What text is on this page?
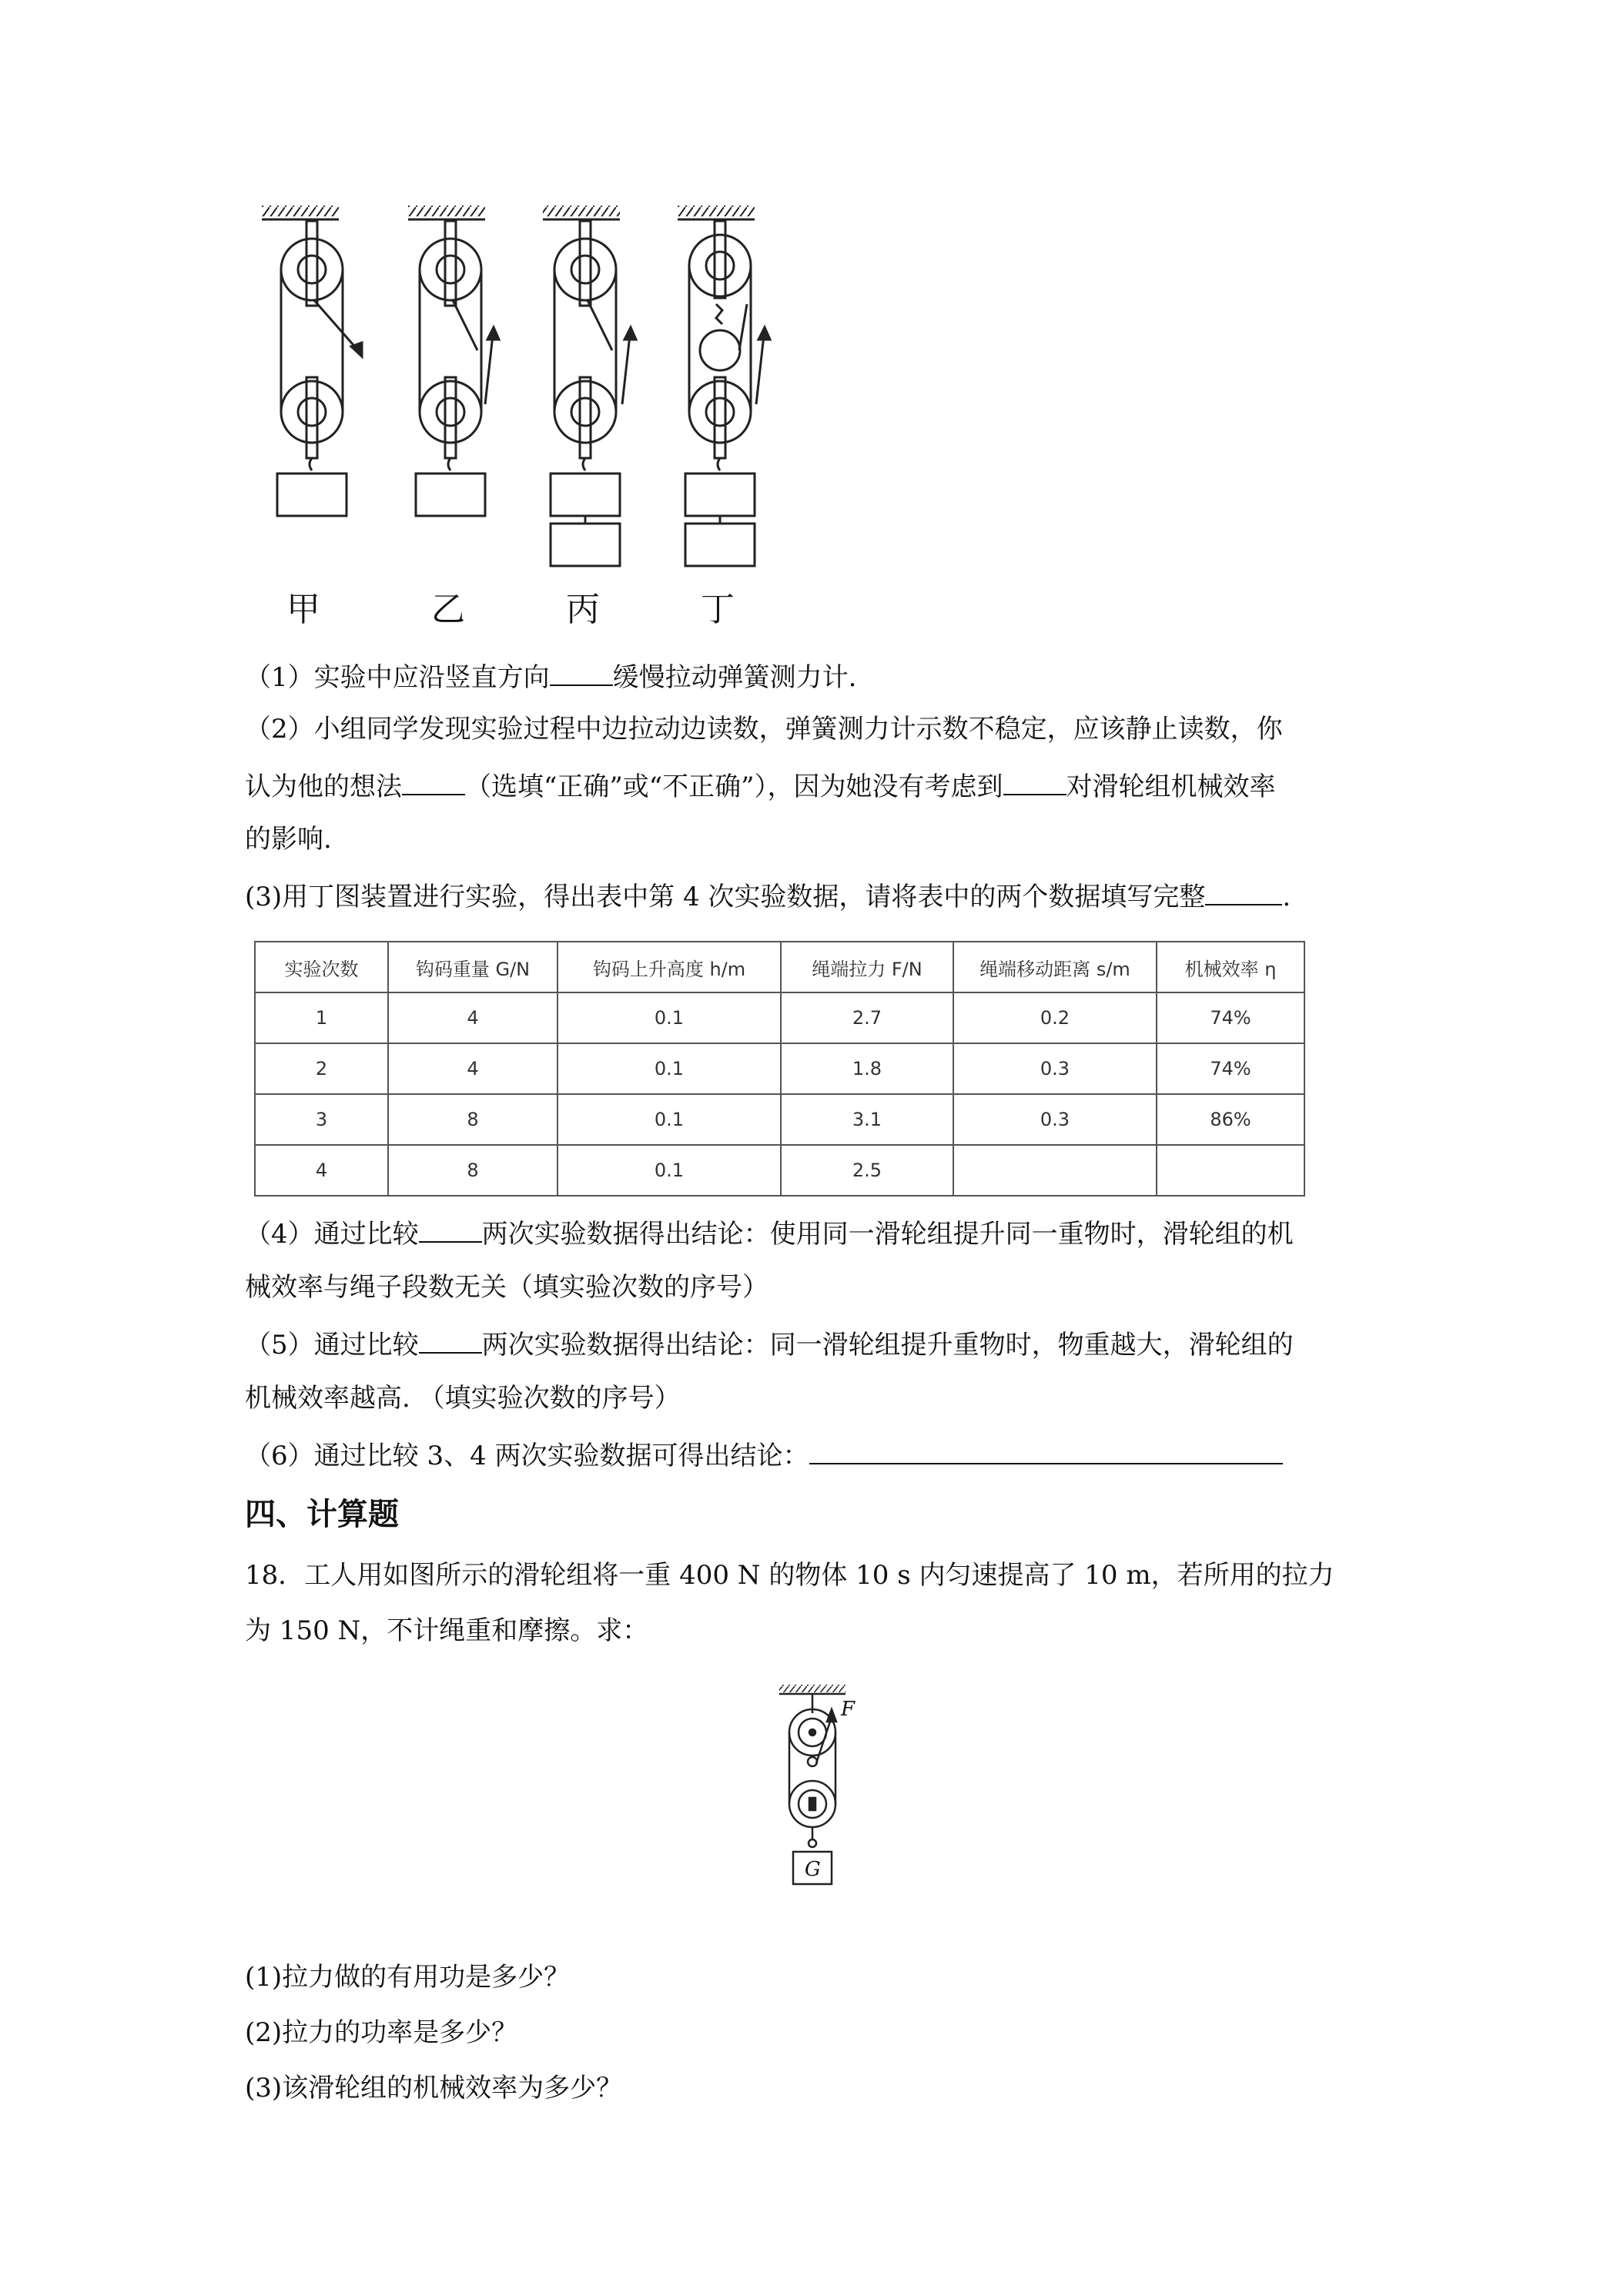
甲	乙	丙	丁
（1）实验中应沿竖直方向 缓慢拉动弹簧测力计.
（2）小组同学发现实验过程中边拉动边读数，弹簧测力计示数不稳定，应该静止读数，你
认为他的想法 （选填“正确”或“不正确”），因为她没有考虑到 对滑轮组机械效率
的影响.
(3)用丁图装置进行实验，得出表中第 4 次实验数据，请将表中的两个数据填写完整	.
实验次数	钩码重量 G/N	钩码上升高度 h/m	绳端拉力 F/N	绳端移动距离 s/m	机械效率 η
1	4	0.1	2.7	0.2	74%
2	4	0.1	1.8	0.3	74%
3	8	0.1	3.1	0.3	86%
4	8	0.1	2.5		
（4）通过比较 两次实验数据得出结论：使用同一滑轮组提升同一重物时，滑轮组的机
械效率与绳子段数无关（填实验次数的序号）
（5）通过比较 两次实验数据得出结论：同一滑轮组提升重物时，物重越大，滑轮组的
机械效率越高. （填实验次数的序号）
（6）通过比较 3、4 两次实验数据可得出结论：
四、计算题
18．工人用如图所示的滑轮组将一重 400 N 的物体 10 s 内匀速提高了 10 m，若所用的拉力
为 150 N，不计绳重和摩擦。求：
F
G
(1)拉力做的有用功是多少？
(2)拉力的功率是多少？
(3)该滑轮组的机械效率为多少？
